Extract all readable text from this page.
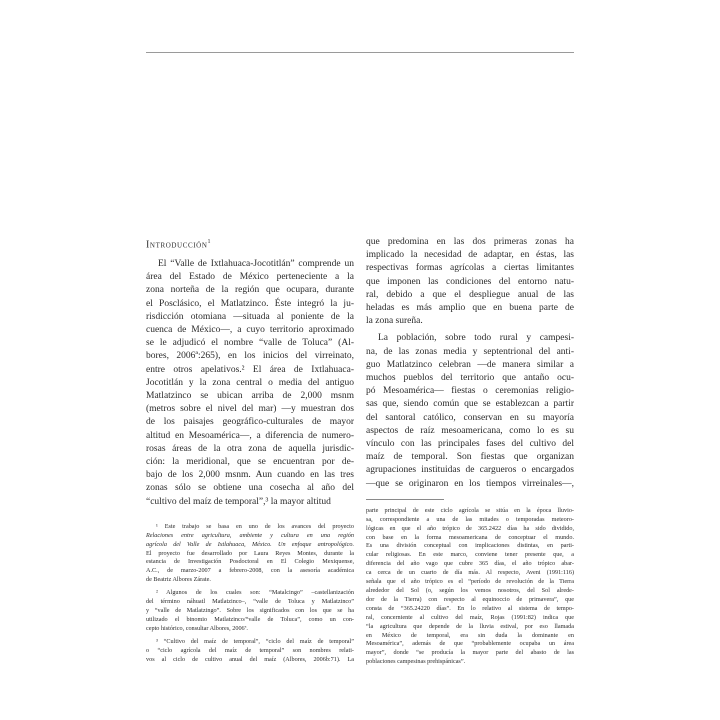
Introducción$^1$

El “Valle de Ixtlahuaca-Jocotitlán” comprende un

área del Estado de México perteneciente a la

zona norteña de la región que ocupara, durante

el Posclásico, el Matlatzinco. Éste integró la ju-

risdicción otomiana —situada al poniente de la

cuenca de México—, a cuyo territorio aproximado

se le adjudicó el nombre “valle de Toluca” (Al-

bores, 2006ª:265), en los inicios del virreinato,

entre otros apelativos.² El área de Ixtlahuaca-

Jocotitlán y la zona central o media del antiguo

Matlatzinco se ubican arriba de 2,000 msnm

(metros sobre el nivel del mar) —y muestran dos

de los paisajes geográfico-culturales de mayor

altitud en Mesoamérica—, a diferencia de numero-

rosas áreas de la otra zona de aquella jurisdic-

ción: la meridional, que se encuentran por de-

bajo de los 2,000 msnm. Aun cuando en las tres

zonas sólo se obtiene una cosecha al año del

“cultivo del maíz de temporal”,³ la mayor altitud

¹ Este trabajo se basa en uno de los avances del proyecto

Relaciones entre agricultura, ambiente y cultura en una región

agrícola del Valle de Ixtlahuaca, México. Un enfoque antropológico.

El proyecto fue desarrollado por Laura Reyes Montes, durante la

estancia de Investigación Posdoctoral en El Colegio Mexiquense,

A.C., de marzo-2007 a febrero-2008, con la asesoría académica

de Beatriz Albores Zárate.

² Algunos de los cuales son: “Matalcingo” –castellanización

del término náhuatl Matlatzinco–, “valle de Toluca y Matlatzinco”

y “valle de Matlatzingo”. Sobre los significados con los que se ha

utilizado el binomio Matlatzinco/“valle de Toluca”, como un con-

cepto histórico, consultar Albores, 2006ª.

³ “Cultivo del maíz de temporal”, “ciclo del maíz de temporal”

o “ciclo agrícola del maíz de temporal” son nombres relati-

vos al ciclo de cultivo anual del maíz (Albores, 2006b:71). La

que predomina en las dos primeras zonas ha

implicado la necesidad de adaptar, en éstas, las

respectivas formas agrícolas a ciertas limitantes

que imponen las condiciones del entorno natu-

ral, debido a que el despliegue anual de las

heladas es más amplio que en buena parte de

la zona sureña.

La población, sobre todo rural y campesi-

na, de las zonas media y septentrional del anti-

guo Matlatzinco celebran —de manera similar a

muchos pueblos del territorio que antaño ocu-

pó Mesoamérica— fiestas o ceremonias religio-

sas que, siendo común que se establezcan a partir

del santoral católico, conservan en su mayoría

aspectos de raíz mesoamericana, como lo es su

vínculo con las principales fases del cultivo del

maíz de temporal. Son fiestas que organizan

agrupaciones instituidas de cargueros o encargados

—que se originaron en los tiempos virreinales—,

parte principal de este ciclo agrícola se sitúa en la época lluvio-

sa, correspondiente a una de las mitades o temporadas meteoro-

lógicas en que el año trópico de 365.2422 días ha sido dividido,

con base en la forma mesoamericana de conceptuar el mundo.

Es una división conceptual con implicaciones distintas, en parti-

cular religiosas. En este marco, conviene tener presente que, a

diferencia del año vago que cubre 365 días, el año trópico abar-

ca cerca de un cuarto de día más. Al respecto, Aveni (1991:116)

señala que el año trópico es el “período de revolución de la Tierra

alrededor del Sol (o, según los vemos nosotros, del Sol alrede-

dor de la Tierra) con respecto al equinoccio de primavera”, que

consta de “365.24220 días”. En lo relativo al sistema de tempo-

ral, concerniente al cultivo del maíz, Rojas (1991:82) indica que

“la agricultura que depende de la lluvia estival, por eso llamada

en México de temporal, era sin duda la dominante en

Mesoamérica”, además de que “probablemente ocupaba un área

mayor”, donde “se producía la mayor parte del abasto de las

poblaciones campesinas prehispánicas”.
